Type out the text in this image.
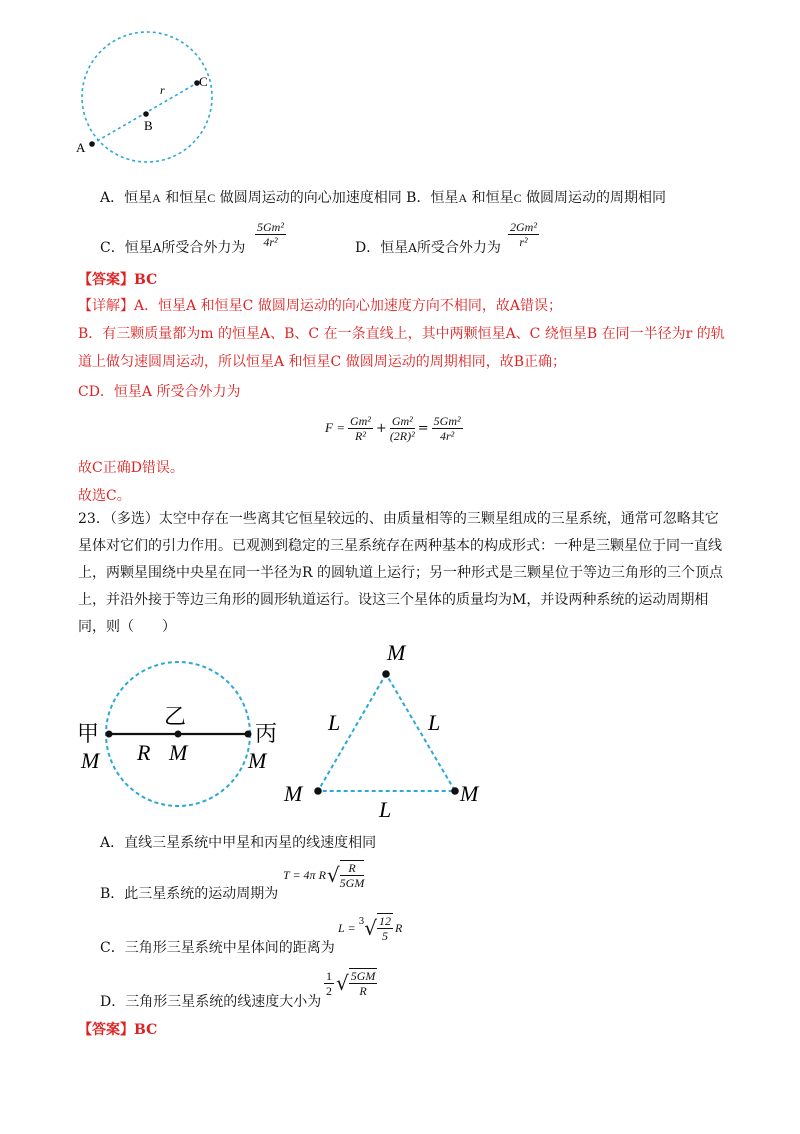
A
B
C
r
A．恒星A 和恒星C 做圆周运动的向心加速度相同 B．恒星A 和恒星C 做圆周运动的周期相同
C．恒星A所受合外力为 $\frac{\text{5Gm²}}{\text{4r²}}$	D．恒星A所受合外力为 $\frac{\text{2Gm²}}{\text{r²}}$
【答案】BC
【详解】A．恒星A 和恒星C 做圆周运动的向心加速度方向不相同，故A错误；
B．有三颗质量都为m 的恒星A、B、C 在一条直线上，其中两颗恒星A、C 绕恒星B 在同一半径为r 的轨
道上做匀速圆周运动，所以恒星A 和恒星C 做圆周运动的周期相同，故B正确；
CD．恒星A 所受合外力为
$F = \frac{\text{Gm²}}{\text{R²}} + \frac{\text{Gm²}}{\text{(2R)²}} = \frac{\text{5Gm²}}{\text{4r²}}$
故C正确D错误。
故选C。
23．（多选）太空中存在一些离其它恒星较远的、由质量相等的三颗星组成的三星系统，通常可忽略其它
星体对它们的引力作用。已观测到稳定的三星系统存在两种基本的构成形式：一种是三颗星位于同一直线
上，两颗星围绕中央星在同一半径为R 的圆轨道上运行；另一种形式是三颗星位于等边三角形的三个顶点
上，并沿外接于等边三角形的圆形轨道运行。设这三个星体的质量均为M，并设两种系统的运动周期相
同，则（　　）
甲	丙
乙
M R M	M
M
M	M
L	L
L
A．直线三星系统中甲星和丙星的线速度相同
B．此三星系统的运动周期为
T = 4π R √ $\frac{R}{5GM}$
C．三角形三星系统中星体间的距离为
L = 3 √ $\frac{12}{5}$ R
D．三角形三星系统的线速度大小为
$\frac{1}{2}$ √ $\frac{5GM}{R}$
【答案】BC
